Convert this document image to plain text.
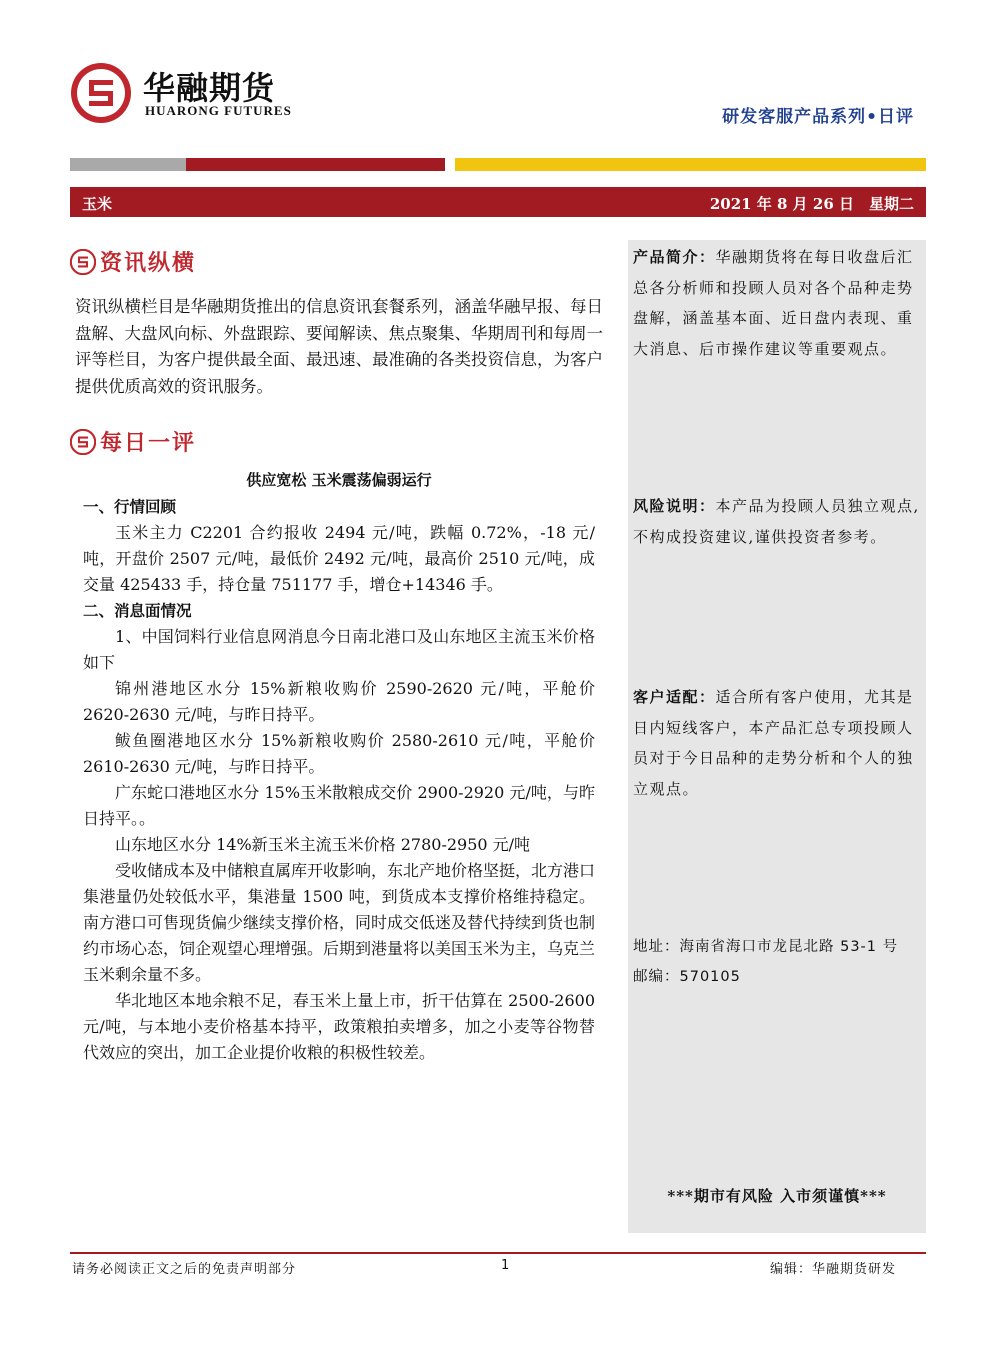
华融期货
HUARONG FUTURES	研发客服产品系列•日评
玉米	2021 年 8 月 26 日　星期二
产品简介：华融期货将在每日收盘后汇总各分析师和投顾人员对各个品种走势盘解，涵盖基本面、近日盘内表现、重大消息、后市操作建议等重要观点。
风险说明：本产品为投顾人员独立观点,不构成投资建议,谨供投资者参考。
客户适配：适合所有客户使用，尤其是日内短线客户，本产品汇总专项投顾人员对于今日品种的走势分析和个人的独立观点。
地址：海南省海口市龙昆北路 53-1 号
邮编：570105
***期市有风险 入市须谨慎***
资讯纵横
资讯纵横栏目是华融期货推出的信息资讯套餐系列，涵盖华融早报、每日盘解、大盘风向标、外盘跟踪、要闻解读、焦点聚集、华期周刊和每周一评等栏目，为客户提供最全面、最迅速、最准确的各类投资信息，为客户提供优质高效的资讯服务。
每日一评
供应宽松 玉米震荡偏弱运行
一、行情回顾
玉米主力 C2201 合约报收 2494 元/吨，跌幅 0.72%，-18 元/吨，开盘价 2507 元/吨，最低价 2492 元/吨，最高价 2510 元/吨，成交量 425433 手，持仓量 751177 手，增仓+14346 手。
二、消息面情况
1、中国饲料行业信息网消息今日南北港口及山东地区主流玉米价格如下
锦州港地区水分 15%新粮收购价 2590-2620 元/吨，平舱价 2620-2630 元/吨，与昨日持平。
鲅鱼圈港地区水分 15%新粮收购价 2580-2610 元/吨，平舱价 2610-2630 元/吨，与昨日持平。
广东蛇口港地区水分 15%玉米散粮成交价 2900-2920 元/吨，与昨日持平。。
山东地区水分 14%新玉米主流玉米价格 2780-2950 元/吨
受收储成本及中储粮直属库开收影响，东北产地价格坚挺，北方港口集港量仍处较低水平，集港量 1500 吨，到货成本支撑价格维持稳定。南方港口可售现货偏少继续支撑价格，同时成交低迷及替代持续到货也制约市场心态，饲企观望心理增强。后期到港量将以美国玉米为主，乌克兰玉米剩余量不多。
华北地区本地余粮不足，春玉米上量上市，折干估算在 2500-2600 元/吨，与本地小麦价格基本持平，政策粮拍卖增多，加之小麦等谷物替代效应的突出，加工企业提价收粮的积极性较差。
请务必阅读正文之后的免责声明部分	1	编辑：华融期货研发
